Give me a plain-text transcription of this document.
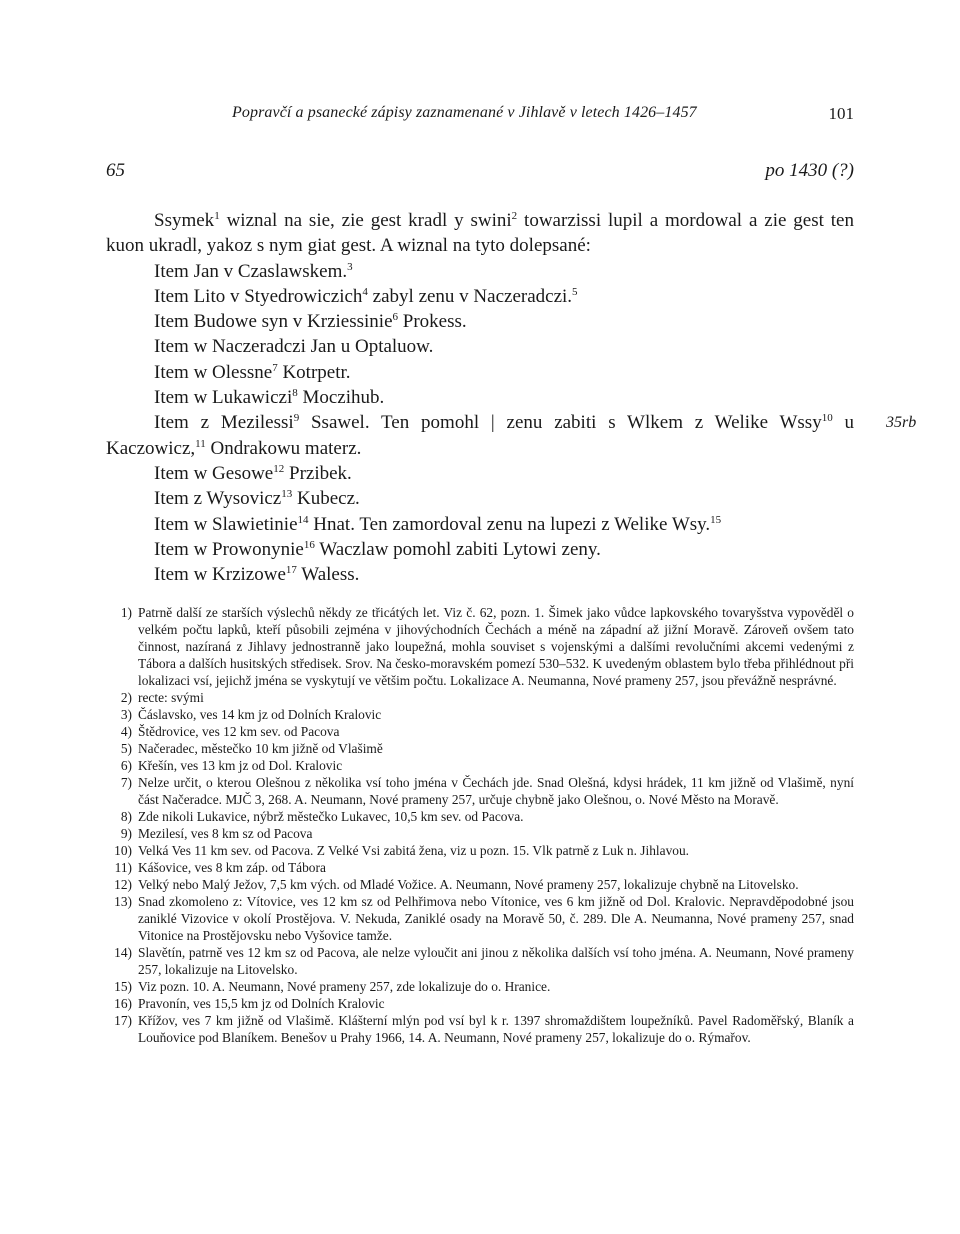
Popravčí a psanecké zápisy zaznamenané v Jihlavě v letech 1426–1457	101
65	po 1430 (?)
35rb

Ssymek$^1$ wiznal na sie, zie gest kradl y swini$^2$ towarzissi lupil a mordowal a zie gest ten kuon ukradl, yakoz s nym giat gest. A wiznal na tyto dolepsané:

Item Jan v Czaslawskem.$^3$

Item Lito v Styedrowiczich$^4$ zabyl zenu v Naczeradczi.$^5$

Item Budowe syn v Krziessinie$^6$ Prokess.

Item w Naczeradczi Jan u Optaluow.

Item w Olessne$^7$ Kotrpetr.

Item w Lukawiczi$^8$ Moczihub.

Item z Mezilessi$^9$ Ssawel. Ten pomohl | zenu zabiti s Wlkem z Welike Wssy$^{10}$ u Kaczowicz,$^{11}$ Ondrakowu materz.

Item w Gesowe$^{12}$ Przibek.

Item z Wysovicz$^{13}$ Kubecz.

Item w Slawietinie$^{14}$ Hnat. Ten zamordoval zenu na lupezi z Welike Wsy.$^{15}$

Item w Prowonynie$^{16}$ Waczlaw pomohl zabiti Lytowi zeny.

Item w Krzizowe$^{17}$ Waless.

1) Patrně další ze starších výslechů někdy ze třicátých let. Viz č. 62, pozn. 1. Šimek jako vůdce lapkovského tovaryšstva vypověděl o velkém počtu lapků, kteří působili zejména v jihovýchodních Čechách a méně na západní až jižní Moravě. Zároveň ovšem tato činnost, nazíraná z Jihlavy jednostranně jako loupežná, mohla souviset s vojenskými a dalšími revolučními akcemi vedenými z Tábora a dalších husitských středisek. Srov. Na česko-moravském pomezí 530–532. K uvedeným oblastem bylo třeba přihlédnout při lokalizaci vsí, jejichž jména se vyskytují ve většim počtu. Lokalizace A. Neumanna, Nové prameny 257, jsou převážně nesprávné.
2) recte: svými
3) Čáslavsko, ves 14 km jz od Dolních Kralovic
4) Štědrovice, ves 12 km sev. od Pacova
5) Načeradec, městečko 10 km jižně od Vlašimě
6) Křešín, ves 13 km jz od Dol. Kralovic
7) Nelze určit, o kterou Olešnou z několika vsí toho jména v Čechách jde. Snad Olešná, kdysi hrádek, 11 km jižně od Vlašimě, nyní část Načeradce. MJČ 3, 268. A. Neumann, Nové prameny 257, určuje chybně jako Olešnou, o. Nové Město na Moravě.
8) Zde nikoli Lukavice, nýbrž městečko Lukavec, 10,5 km sev. od Pacova.
9) Mezilesí, ves 8 km sz od Pacova
10) Velká Ves 11 km sev. od Pacova. Z Velké Vsi zabitá žena, viz u pozn. 15. Vlk patrně z Luk n. Jihlavou.
11) Kášovice, ves 8 km záp. od Tábora
12) Velký nebo Malý Ježov, 7,5 km vých. od Mladé Vožice. A. Neumann, Nové prameny 257, lokalizuje chybně na Litovelsko.
13) Snad zkomoleno z: Vítovice, ves 12 km sz od Pelhřimova nebo Vítonice, ves 6 km jižně od Dol. Kralovic. Nepravděpodobné jsou zaniklé Vizovice v okolí Prostějova. V. Nekuda, Zaniklé osady na Moravě 50, č. 289. Dle A. Neumanna, Nové prameny 257, snad Vitonice na Prostějovsku nebo Vyšovice tamže.
14) Slavětín, patrně ves 12 km sz od Pacova, ale nelze vyloučit ani jinou z několika dalších vsí toho jména. A. Neumann, Nové prameny 257, lokalizuje na Litovelsko.
15) Viz pozn. 10. A. Neumann, Nové prameny 257, zde lokalizuje do o. Hranice.
16) Pravonín, ves 15,5 km jz od Dolních Kralovic
17) Křížov, ves 7 km jižně od Vlašimě. Klášterní mlýn pod vsí byl k r. 1397 shromaždištem loupežníků. Pavel Radoměřský, Blaník a Louňovice pod Blaníkem. Benešov u Prahy 1966, 14. A. Neumann, Nové prameny 257, lokalizuje do o. Rýmařov.
